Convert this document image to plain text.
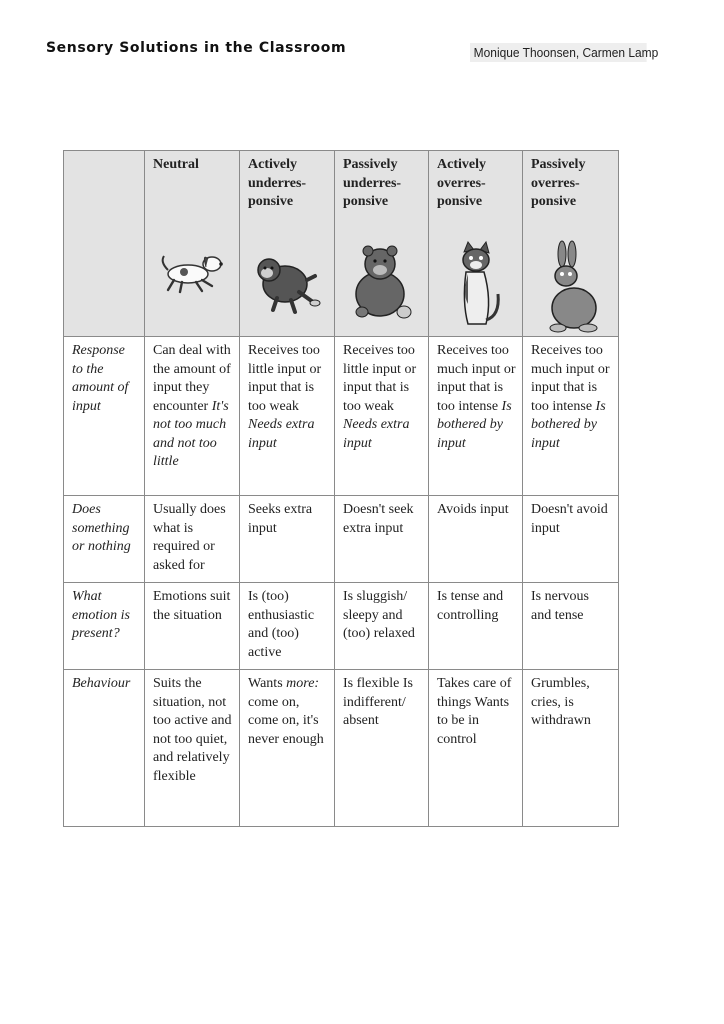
Sensory Solutions in the Classroom	Monique Thoonsen, Carmen Lamp

	Neutral	Actively underres-ponsive	Passively underres-ponsive	Actively overres-ponsive	Passively overres-ponsive

Response to the amount of input	Can deal with the amount of input they encounter It's not too much and not too little	Receives too little input or input that is too weak Needs extra input	Receives too little input or input that is too weak Needs extra input	Receives too much input or input that is too intense Is bothered by input	Receives too much input or input that is too intense Is bothered by input
Does something or nothing	Usually does what is required or asked for	Seeks extra input	Doesn't seek extra input	Avoids input	Doesn't avoid input
What emotion is present?	Emotions suit the situation	Is (too) enthusiastic and (too) active	Is sluggish/ sleepy and (too) relaxed	Is tense and controlling	Is nervous and tense
Behaviour	Suits the situation, not too active and not too quiet, and relatively flexible	Wants more: come on, come on, it's never enough	Is flexible Is indifferent/ absent	Takes care of things Wants to be in control	Grumbles, cries, is withdrawn
